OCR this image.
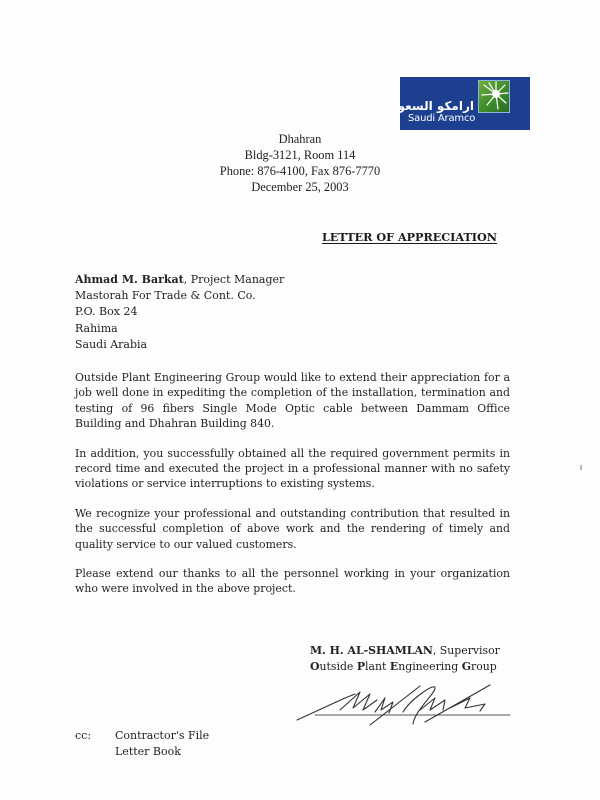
ارامكو السعودية
Saudi Aramco
Dhahran
Bldg-3121, Room 114
Phone: 876-4100, Fax 876-7770
December 25, 2003
LETTER OF APPRECIATION
Ahmad M. Barkat, Project Manager
Mastorah For Trade & Cont. Co.
P.O. Box 24
Rahima
Saudi Arabia

Outside Plant Engineering Group would like to extend their appreciation for a job well done in expediting the completion of the installation, termination and testing of 96 fibers Single Mode Optic cable between Dammam Office Building and Dhahran Building 840.

In addition, you successfully obtained all the required government permits in record time and executed the project in a professional manner with no safety violations or service interruptions to existing systems.

We recognize your professional and outstanding contribution that resulted in the successful completion of above work and the rendering of timely and quality service to our valued customers.

Please extend our thanks to all the personnel working in your organization who were involved in the above project.

M. H. AL-SHAMLAN, Supervisor
Outside Plant Engineering Group
cc:	Contractor's File
Letter Book
